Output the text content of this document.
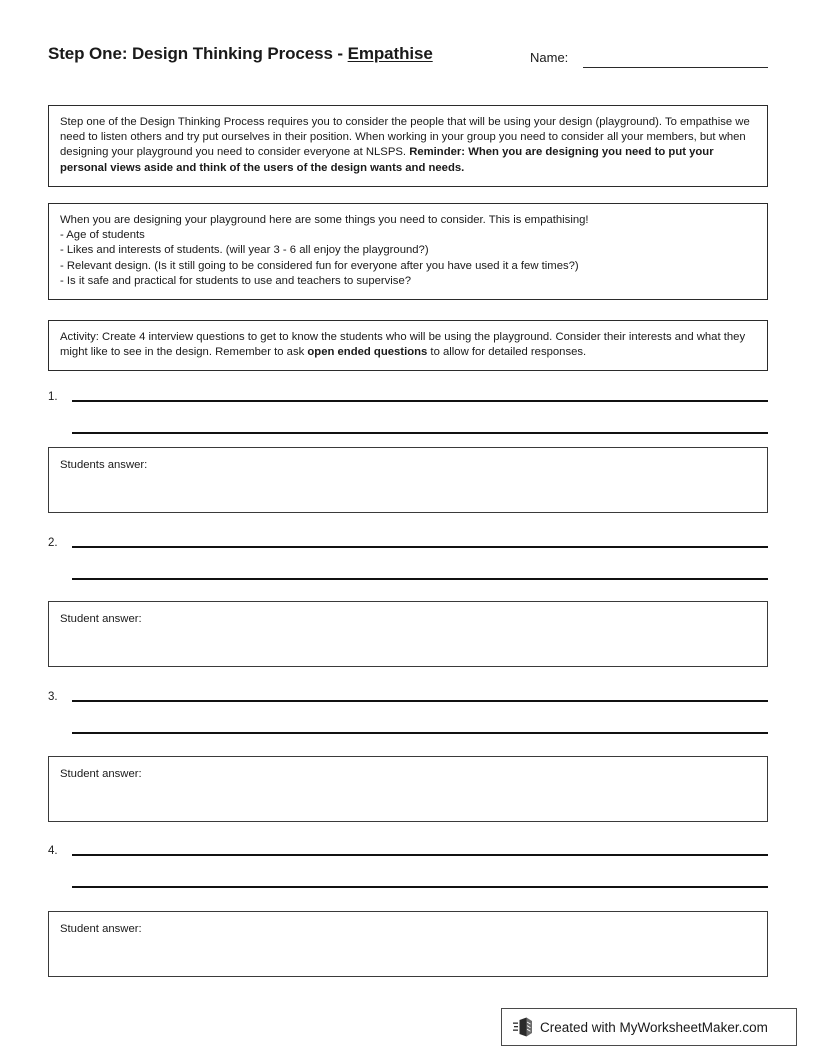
Step One: Design Thinking Process - Empathise	Name:

Step one of the Design Thinking Process requires you to consider the people that will be using your design (playground). To empathise we need to listen others and try put ourselves in their position. When working in your group you need to consider all your members, but when designing your playground you need to consider everyone at NLSPS. Reminder: When you are designing you need to put your personal views aside and think of the users of the design wants and needs.

When you are designing your playground here are some things you need to consider. This is empathising!

- Age of students

- Likes and interests of students. (will year 3 - 6 all enjoy the playground?)

- Relevant design. (Is it still going to be considered fun for everyone after you have used it a few times?)

- Is it safe and practical for students to use and teachers to supervise?

Activity: Create 4 interview questions to get to know the students who will be using the playground. Consider their interests and what they might like to see in the design. Remember to ask open ended questions to allow for detailed responses.

1.
Students answer:
2.
Student answer:
3.
Student answer:
4.
Student answer:
Created with MyWorksheetMaker.com
